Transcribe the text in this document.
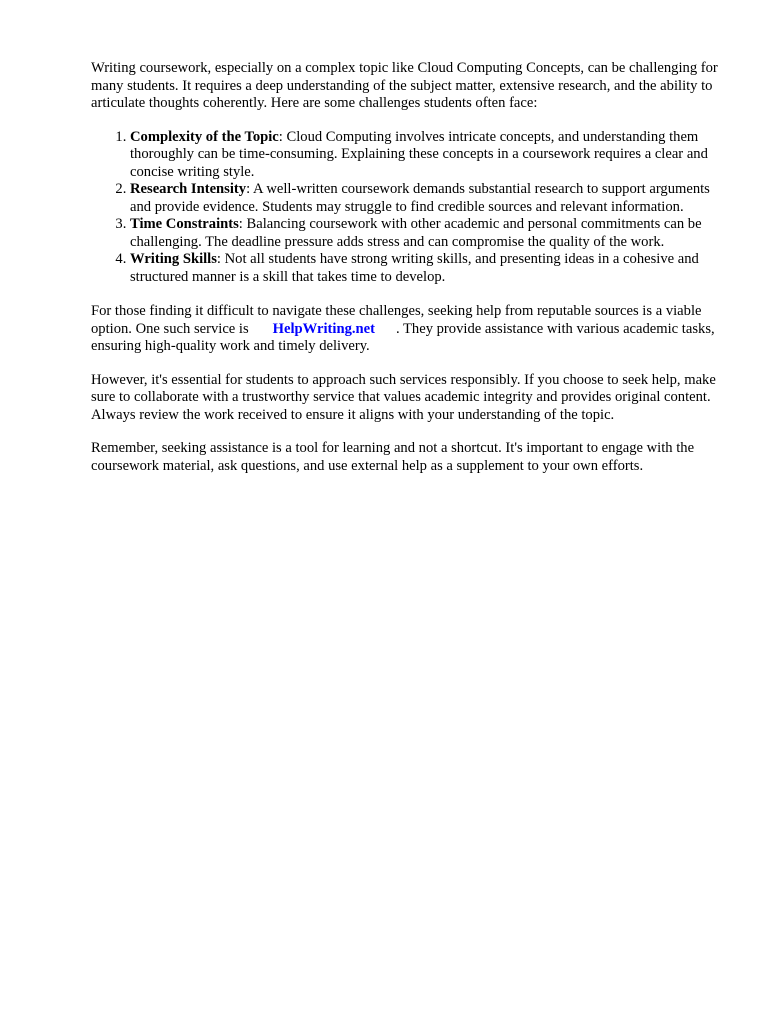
Writing coursework, especially on a complex topic like Cloud Computing Concepts, can be challenging for many students. It requires a deep understanding of the subject matter, extensive research, and the ability to articulate thoughts coherently. Here are some challenges students often face:

1. Complexity of the Topic: Cloud Computing involves intricate concepts, and understanding them thoroughly can be time-consuming. Explaining these concepts in a coursework requires a clear and concise writing style.
2. Research Intensity: A well-written coursework demands substantial research to support arguments and provide evidence. Students may struggle to find credible sources and relevant information.
3. Time Constraints: Balancing coursework with other academic and personal commitments can be challenging. The deadline pressure adds stress and can compromise the quality of the work.
4. Writing Skills: Not all students have strong writing skills, and presenting ideas in a cohesive and structured manner is a skill that takes time to develop.

For those finding it difficult to navigate these challenges, seeking help from reputable sources is a viable option. One such service is HelpWriting.net . They provide assistance with various academic tasks, ensuring high-quality work and timely delivery.

However, it's essential for students to approach such services responsibly. If you choose to seek help, make sure to collaborate with a trustworthy service that values academic integrity and provides original content. Always review the work received to ensure it aligns with your understanding of the topic.

Remember, seeking assistance is a tool for learning and not a shortcut. It's important to engage with the coursework material, ask questions, and use external help as a supplement to your own efforts.
